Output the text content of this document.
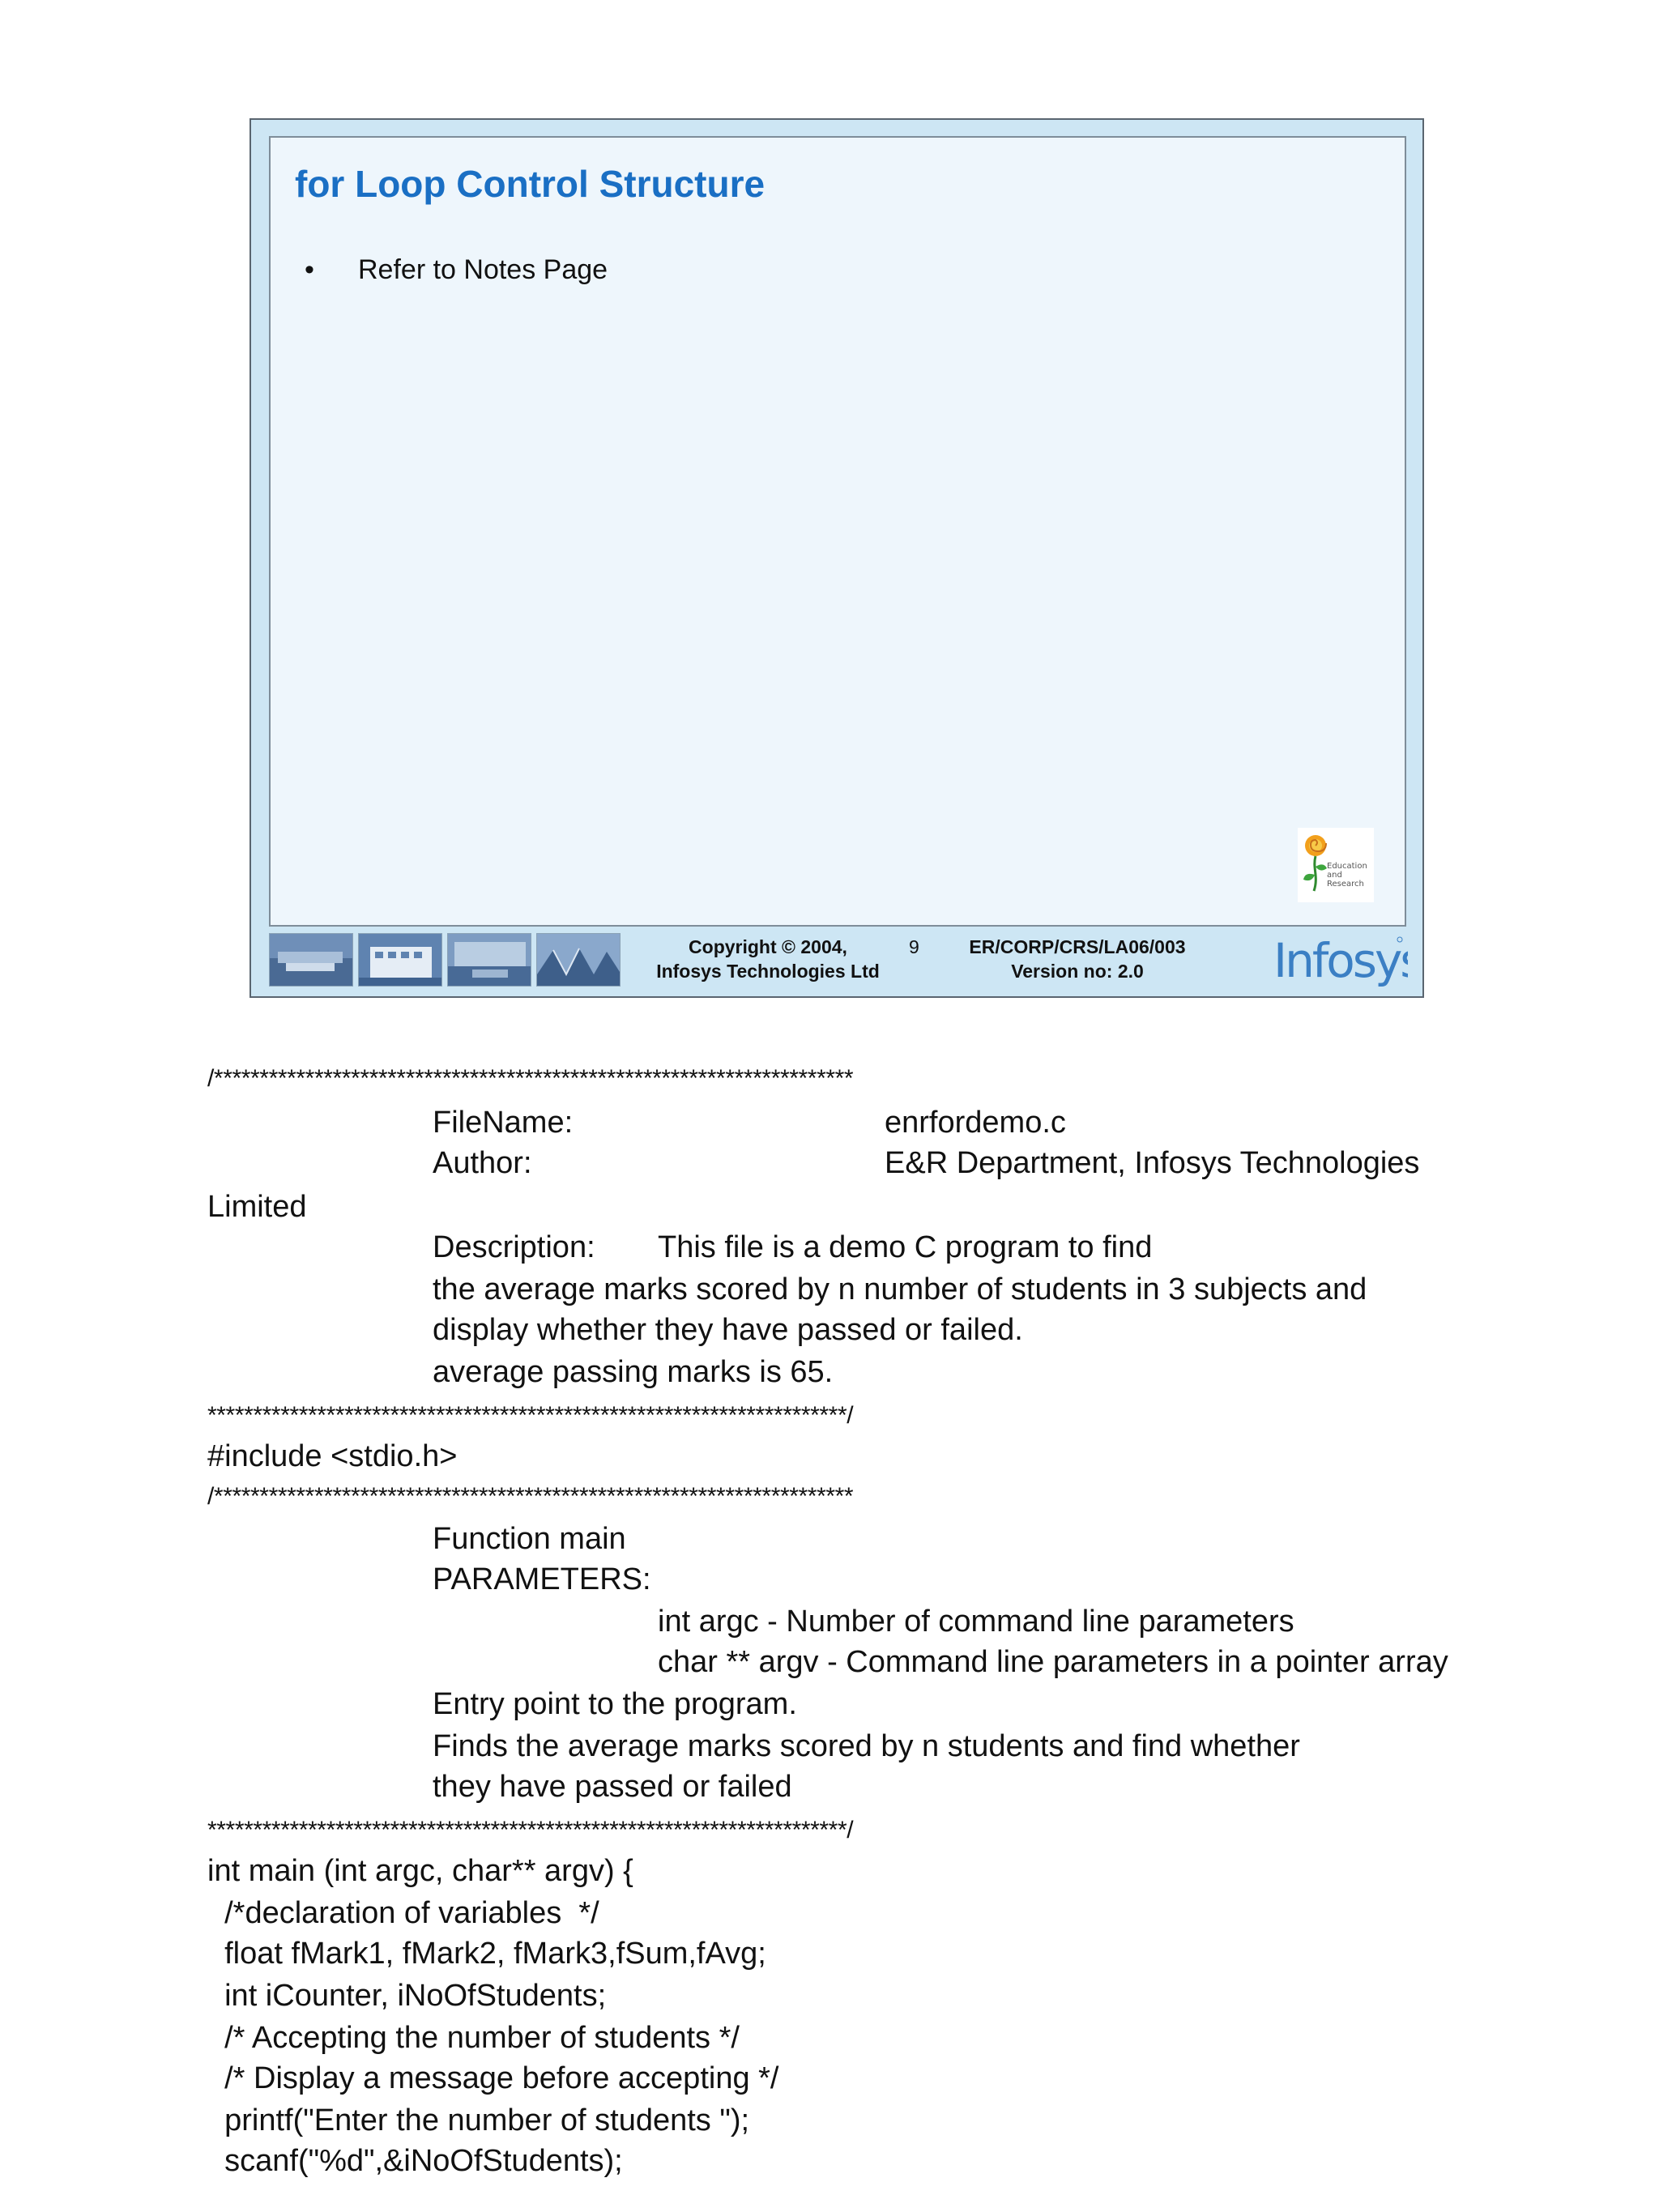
for Loop Control Structure
• Refer to Notes Page
Education
and
Research
Copyright © 2004,
Infosys Technologies Ltd
9	ER/CORP/CRS/LA06/003
Version no: 2.0	Infosys
/**********************************************************************
FileName:	enrfordemo.c
Author:	E&R Department, Infosys Technologies
Limited
Description: This file is a demo C program to find
the average marks scored by n number of students in 3 subjects and
display whether they have passed or failed.
average passing marks is 65.
**********************************************************************/
#include <stdio.h>
/**********************************************************************
Function main
PARAMETERS:
int argc - Number of command line parameters
char ** argv - Command line parameters in a pointer array
Entry point to the program.
Finds the average marks scored by n students and find whether
they have passed or failed
**********************************************************************/
int main (int argc, char** argv) {
/*declaration of variables  */
float fMark1, fMark2, fMark3,fSum,fAvg;
int iCounter, iNoOfStudents;
/* Accepting the number of students */
/* Display a message before accepting */
printf("Enter the number of students ");
scanf("%d",&iNoOfStudents);
